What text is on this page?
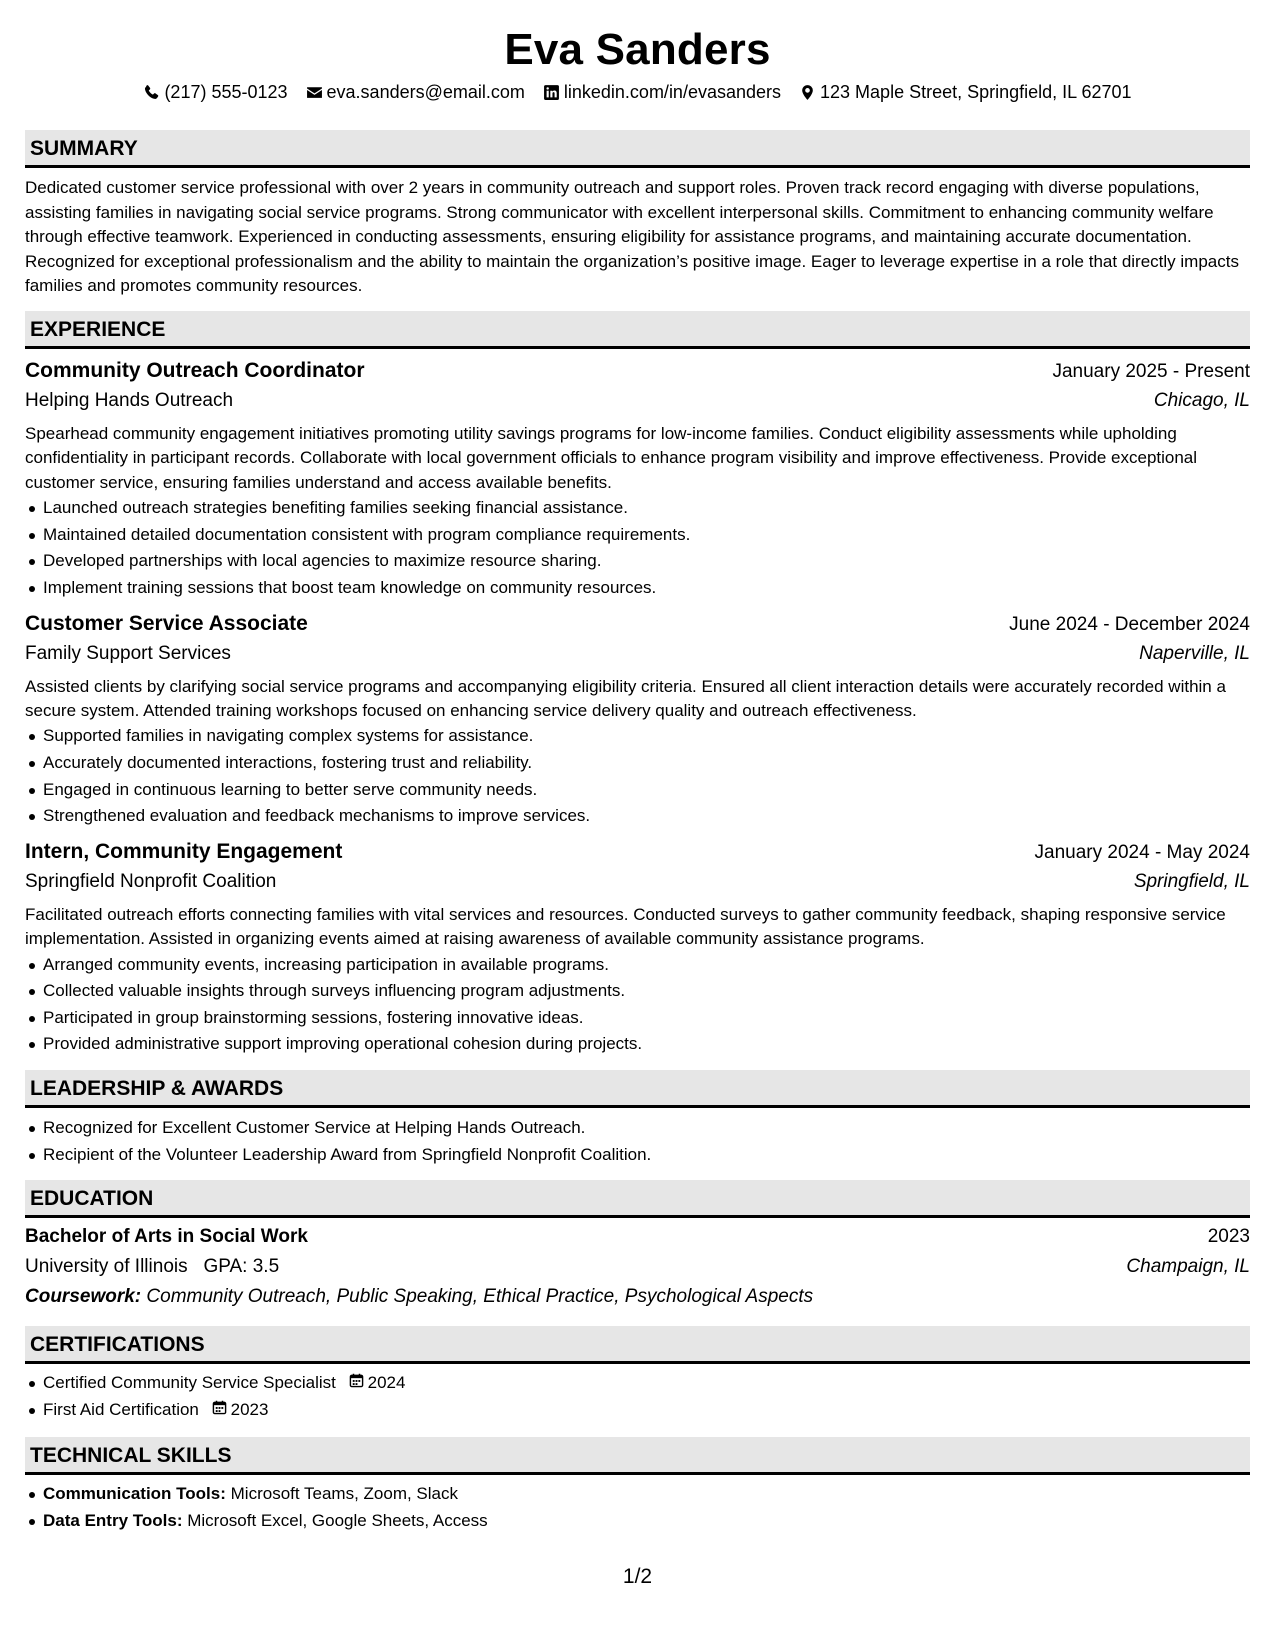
Eva Sanders
(217) 555-0123 eva.sanders@email.com linkedin.com/in/evasanders 123 Maple Street, Springfield, IL 62701
SUMMARY
Dedicated customer service professional with over 2 years in community outreach and support roles. Proven track record engaging with diverse populations, assisting families in navigating social service programs. Strong communicator with excellent interpersonal skills. Commitment to enhancing community welfare through effective teamwork. Experienced in conducting assessments, ensuring eligibility for assistance programs, and maintaining accurate documentation. Recognized for exceptional professionalism and the ability to maintain the organization’s positive image. Eager to leverage expertise in a role that directly impacts families and promotes community resources.
EXPERIENCE
Community Outreach Coordinator	January 2025 - Present
Helping Hands Outreach	Chicago, IL
Spearhead community engagement initiatives promoting utility savings programs for low-income families. Conduct eligibility assessments while upholding confidentiality in participant records. Collaborate with local government officials to enhance program visibility and improve effectiveness. Provide exceptional customer service, ensuring families understand and access available benefits.
Launched outreach strategies benefiting families seeking financial assistance.
Maintained detailed documentation consistent with program compliance requirements.
Developed partnerships with local agencies to maximize resource sharing.
Implement training sessions that boost team knowledge on community resources.
Customer Service Associate	June 2024 - December 2024
Family Support Services	Naperville, IL
Assisted clients by clarifying social service programs and accompanying eligibility criteria. Ensured all client interaction details were accurately recorded within a secure system. Attended training workshops focused on enhancing service delivery quality and outreach effectiveness.
Supported families in navigating complex systems for assistance.
Accurately documented interactions, fostering trust and reliability.
Engaged in continuous learning to better serve community needs.
Strengthened evaluation and feedback mechanisms to improve services.
Intern, Community Engagement	January 2024 - May 2024
Springfield Nonprofit Coalition	Springfield, IL
Facilitated outreach efforts connecting families with vital services and resources. Conducted surveys to gather community feedback, shaping responsive service implementation. Assisted in organizing events aimed at raising awareness of available community assistance programs.
Arranged community events, increasing participation in available programs.
Collected valuable insights through surveys influencing program adjustments.
Participated in group brainstorming sessions, fostering innovative ideas.
Provided administrative support improving operational cohesion during projects.
LEADERSHIP & AWARDS
Recognized for Excellent Customer Service at Helping Hands Outreach.
Recipient of the Volunteer Leadership Award from Springfield Nonprofit Coalition.
EDUCATION
Bachelor of Arts in Social Work	2023
University of Illinois GPA: 3.5	Champaign, IL
Coursework: Community Outreach, Public Speaking, Ethical Practice, Psychological Aspects
CERTIFICATIONS
Certified Community Service Specialist 2024
First Aid Certification 2023
TECHNICAL SKILLS
Communication Tools: Microsoft Teams, Zoom, Slack
Data Entry Tools: Microsoft Excel, Google Sheets, Access
1/2
